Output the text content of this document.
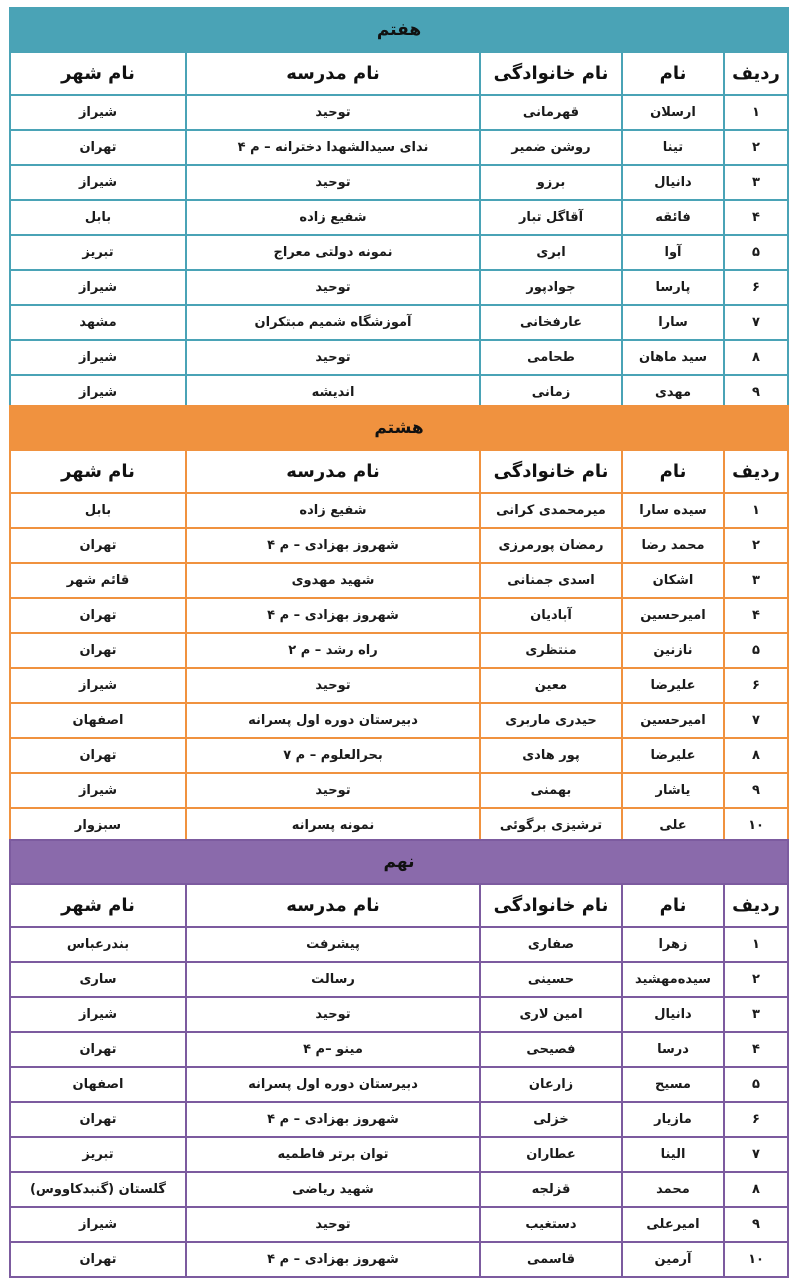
هفتم				
ردیف	نام	نام خانوادگی	نام مدرسه	نام شهر
۱	ارسلان	قهرمانی	توحید	شیراز
۲	تینا	روشن ضمیر	ندای سیدالشهدا دخترانه – م ۴	تهران
۳	دانیال	برزو	توحید	شیراز
۴	فائقه	آقاگل تبار	شفیع زاده	بابل
۵	آوا	ابری	نمونه دولتی معراج	تبریز
۶	پارسا	جوادپور	توحید	شیراز
۷	سارا	عارفخانی	آموزشگاه شمیم مبتکران	مشهد
۸	سید ماهان	طحامی	توحید	شیراز
۹	مهدی	زمانی	اندیشه	شیراز
هشتم				
ردیف	نام	نام خانوادگی	نام مدرسه	نام شهر
۱	سیده سارا	میرمحمدی کرانی	شفیع زاده	بابل
۲	محمد رضا	رمضان پورمرزی	شهروز بهزادی – م ۴	تهران
۳	اشکان	اسدی جمنانی	شهید مهدوی	قائم شهر
۴	امیرحسین	آبادیان	شهروز بهزادی – م ۴	تهران
۵	نازنین	منتظری	راه رشد – م ۲	تهران
۶	علیرضا	معین	توحید	شیراز
۷	امیرحسین	حیدری ماربری	دبیرستان دوره اول پسرانه	اصفهان
۸	علیرضا	پور هادی	بحرالعلوم – م ۷	تهران
۹	یاشار	بهمنی	توحید	شیراز
۱۰	علی	ترشیزی برگوئی	نمونه پسرانه	سبزوار
نهم				
ردیف	نام	نام خانوادگی	نام مدرسه	نام شهر
۱	زهرا	صفاری	پیشرفت	بندرعباس
۲	سیده‌مهشید	حسینی	رسالت	ساری
۳	دانیال	امین لاری	توحید	شیراز
۴	درسا	فصیحی	مینو –م ۴	تهران
۵	مسیح	زارعان	دبیرستان دوره اول پسرانه	اصفهان
۶	مازیار	خزلی	شهروز بهزادی – م ۴	تهران
۷	الینا	عطاران	توان برتر فاطمیه	تبریز
۸	محمد	قزلجه	شهید ریاضی	گلستان (گنبدکاووس)
۹	امیرعلی	دستغیب	توحید	شیراز
۱۰	آرمین	قاسمی	شهروز بهزادی – م ۴	تهران
